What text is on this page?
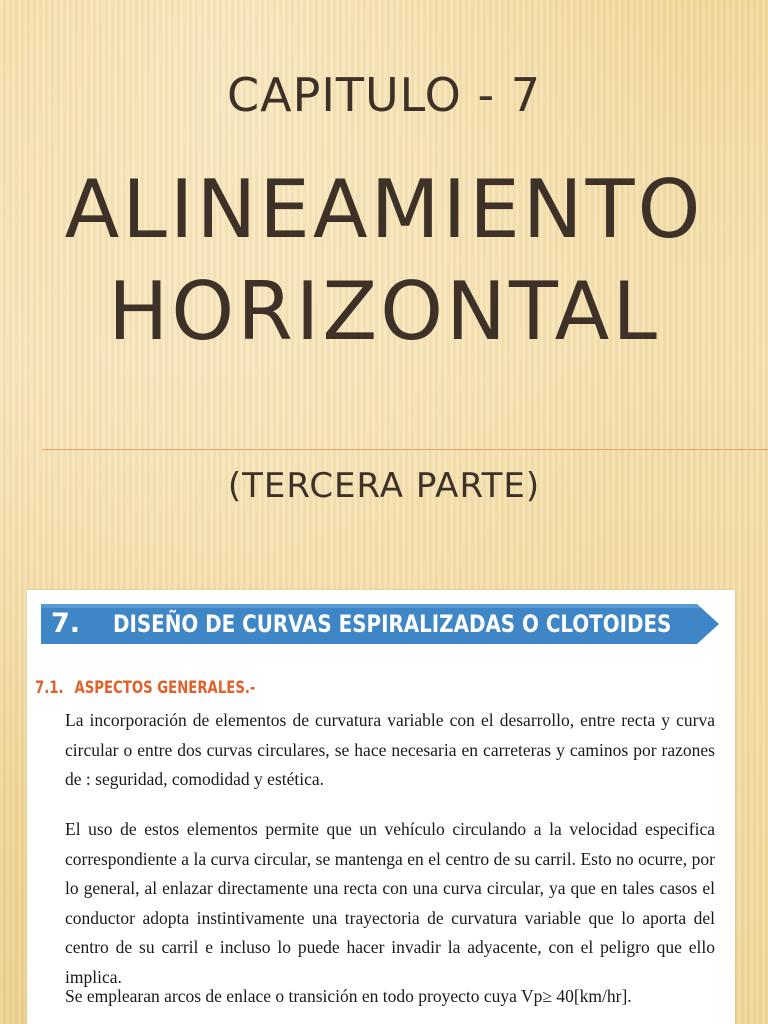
CAPITULO - 7
ALINEAMIENTO
HORIZONTAL
(TERCERA PARTE)
7. DISEÑO DE CURVAS ESPIRALIZADAS O CLOTOIDES
7.1. ASPECTOS GENERALES.-
La incorporación de elementos de curvatura variable con el desarrollo, entre recta y curva circular o entre dos curvas circulares, se hace necesaria en carreteras y caminos por razones de : seguridad, comodidad y estética.
El uso de estos elementos permite que un vehículo circulando a la velocidad especifica correspondiente a la curva circular, se mantenga en el centro de su carril. Esto no ocurre, por lo general, al enlazar directamente una recta con una curva circular, ya que en tales casos el conductor adopta instintivamente una trayectoria de curvatura variable que lo aporta del centro de su carril e incluso lo puede hacer invadir la adyacente, con el peligro que ello implica.
Se emplearan arcos de enlace o transición en todo proyecto cuya Vp≥ 40[km/hr].
